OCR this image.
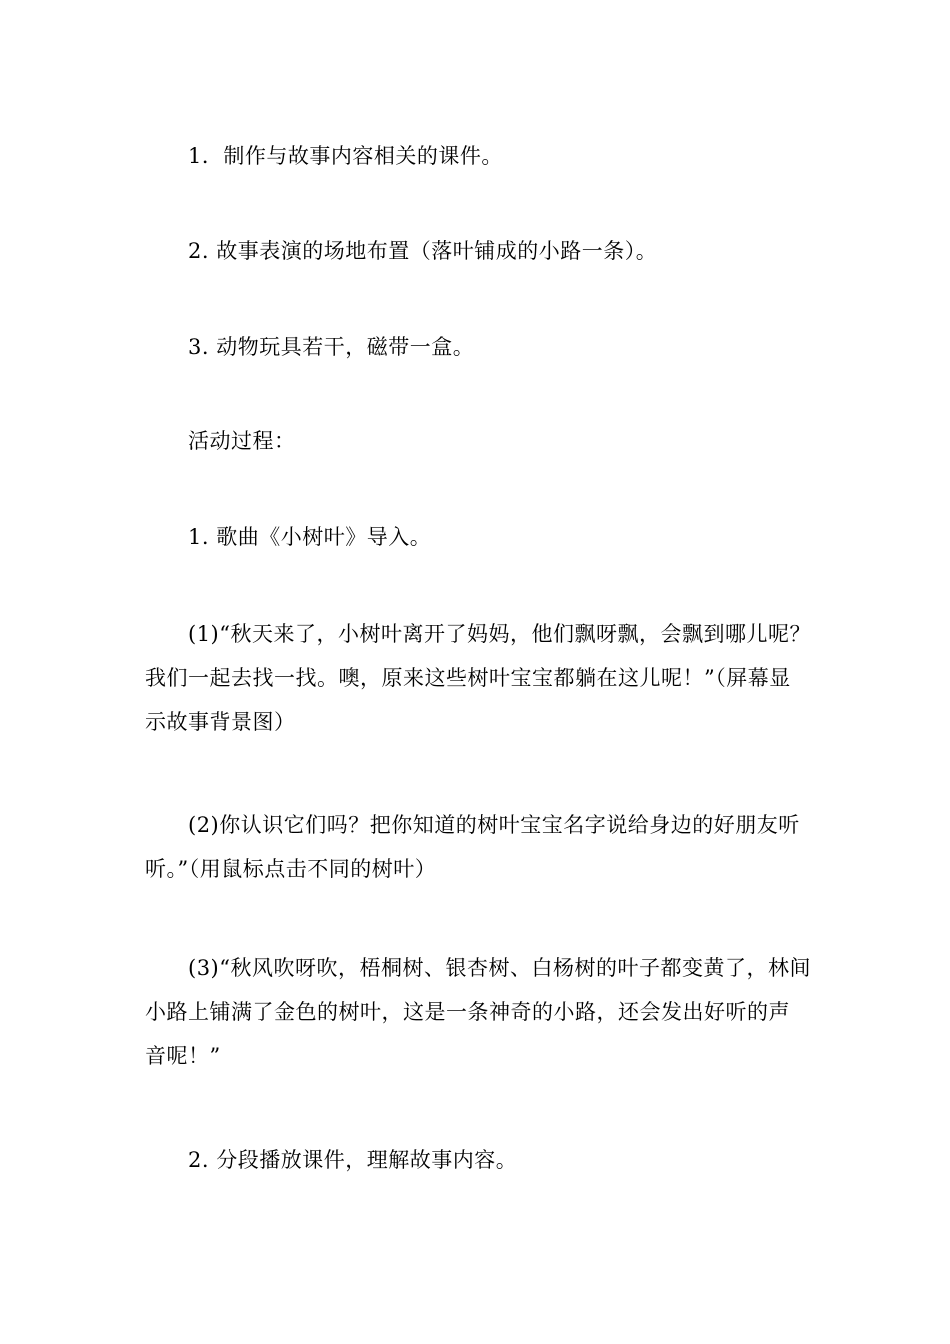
1．制作与故事内容相关的课件。

2. 故事表演的场地布置（落叶铺成的小路一条）。

3. 动物玩具若干，磁带一盒。

活动过程：

1. 歌曲《小树叶》导入。

(1)“秋天来了，小树叶离开了妈妈，他们飘呀飘，会飘到哪儿呢？我们一起去找一找。噢，原来这些树叶宝宝都躺在这儿呢！”（屏幕显示故事背景图）

(2)你认识它们吗？把你知道的树叶宝宝名字说给身边的好朋友听听。”（用鼠标点击不同的树叶）

(3)“秋风吹呀吹，梧桐树、银杏树、白杨树的叶子都变黄了，林间小路上铺满了金色的树叶，这是一条神奇的小路，还会发出好听的声音呢！”

2. 分段播放课件，理解故事内容。
